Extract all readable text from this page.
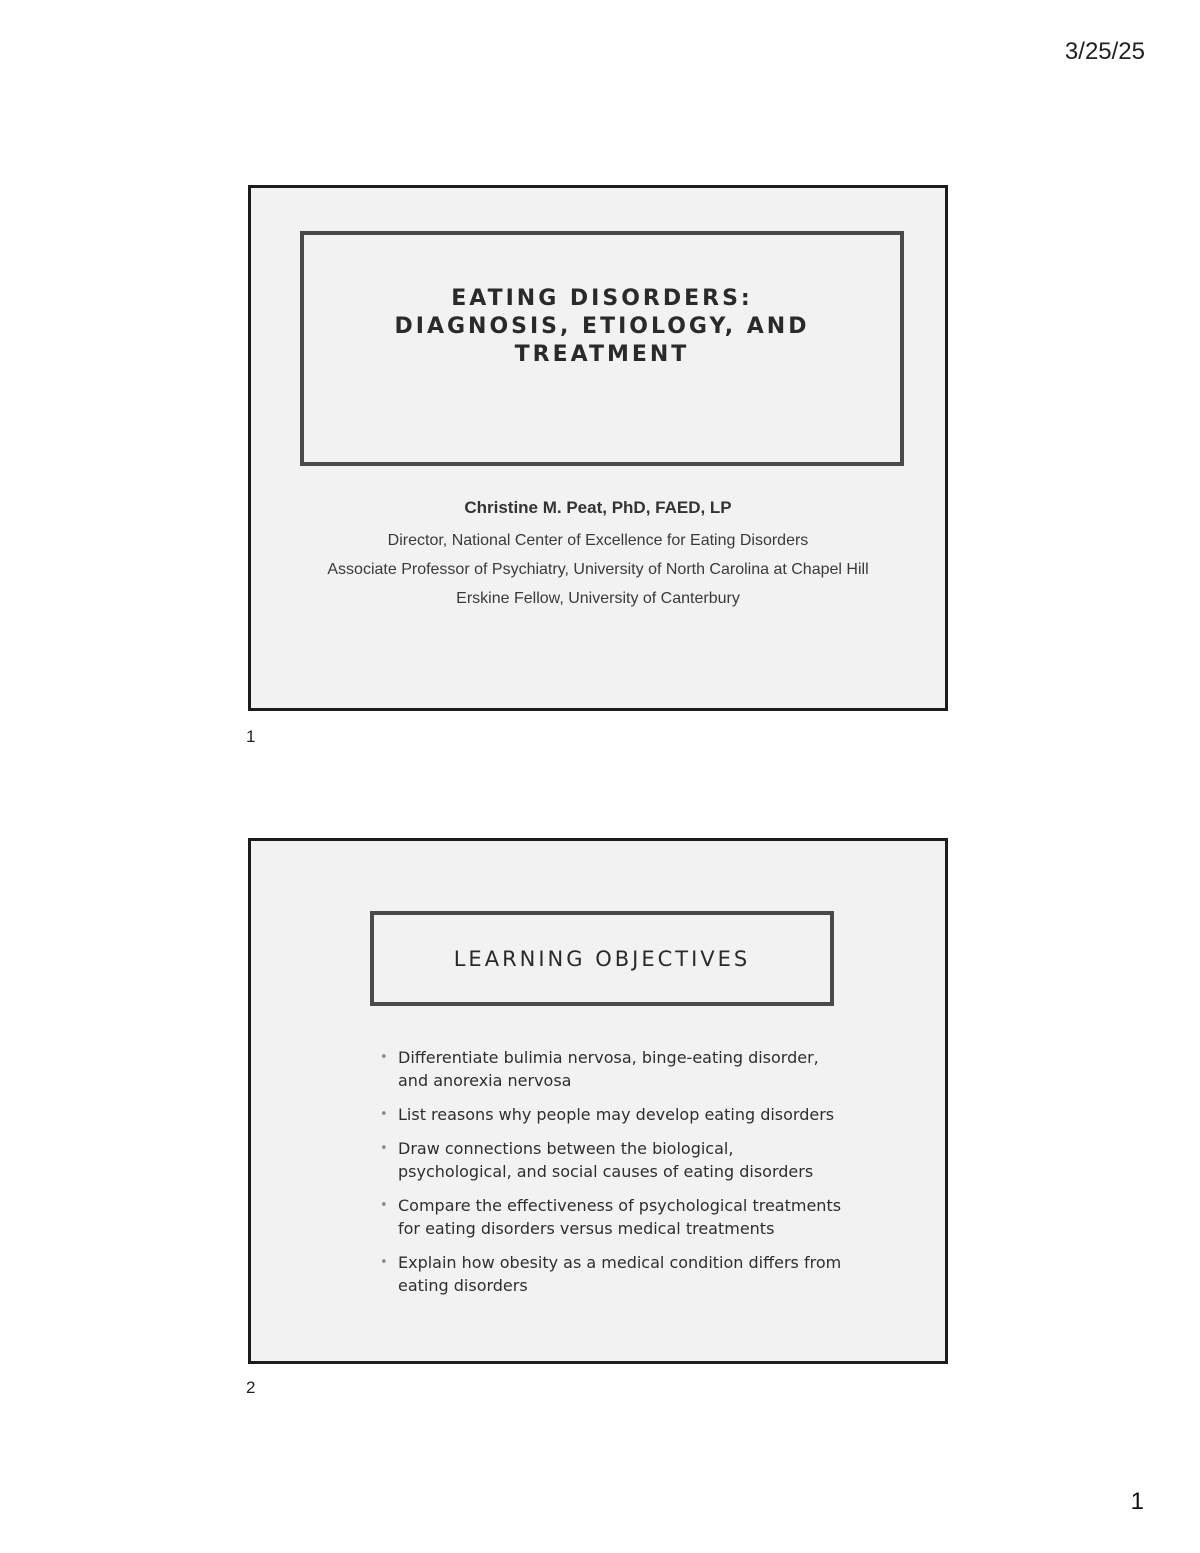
3/25/25
EATING DISORDERS:
DIAGNOSIS, ETIOLOGY, AND
TREATMENT
Christine M. Peat, PhD, FAED, LP
Director, National Center of Excellence for Eating Disorders
Associate Professor of Psychiatry, University of North Carolina at Chapel Hill
Erskine Fellow, University of Canterbury
1
LEARNING OBJECTIVES
• Differentiate bulimia nervosa, binge-eating disorder, and anorexia nervosa
• List reasons why people may develop eating disorders
• Draw connections between the biological, psychological, and social causes of eating disorders
• Compare the effectiveness of psychological treatments for eating disorders versus medical treatments
• Explain how obesity as a medical condition differs from eating disorders
2
1
